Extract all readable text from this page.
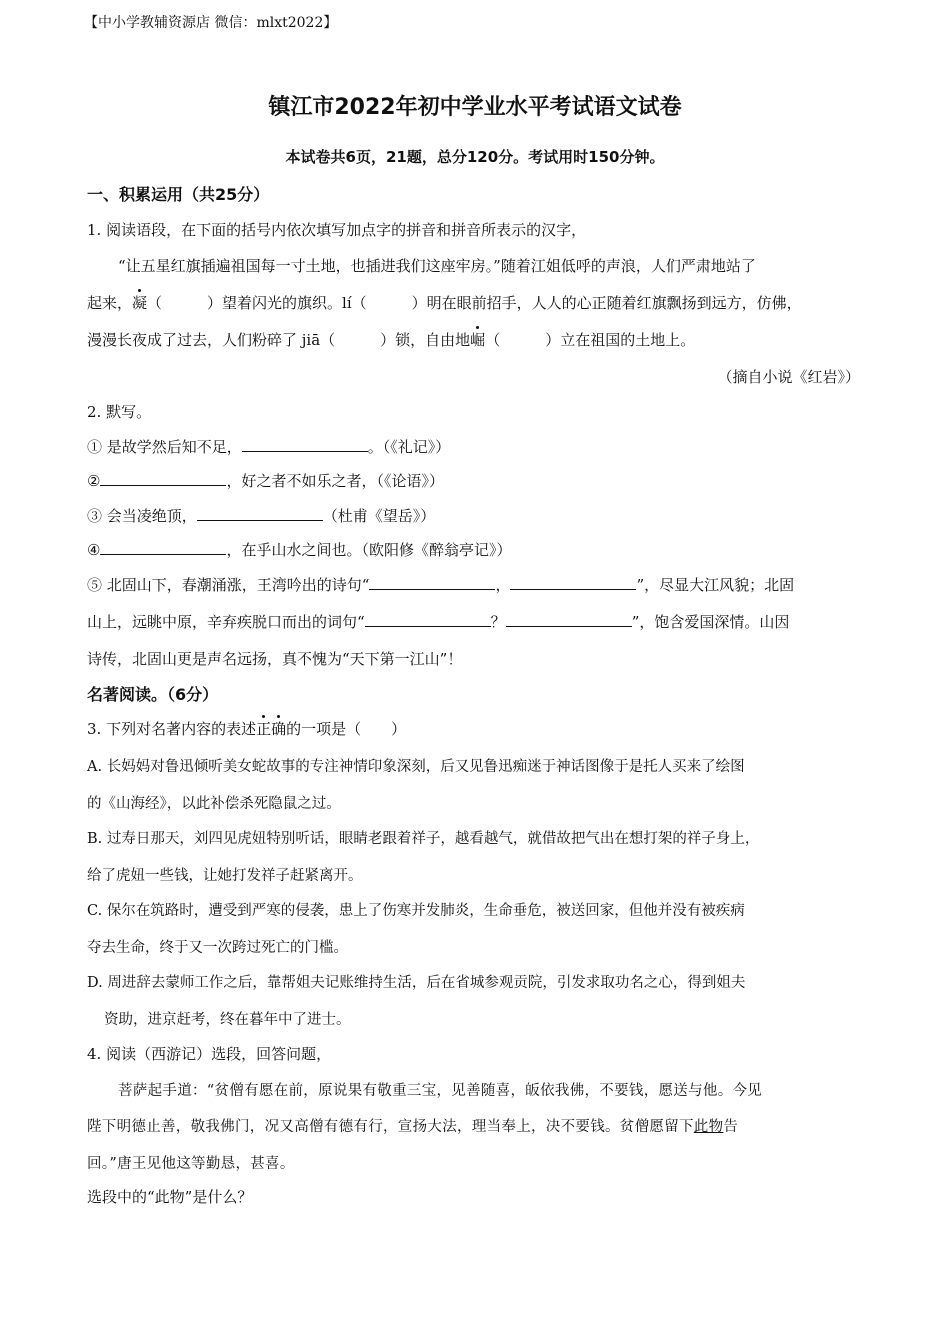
【中小学教辅资源店 微信：mlxt2022】
镇江市2022年初中学业水平考试语文试卷
本试卷共6页，21题，总分120分。考试用时150分钟。
一、积累运用（共25分）
1. 阅读语段，在下面的括号内依次填写加点字的拼音和拼音所表示的汉字，
“让五星红旗插遍祖国每一寸土地，也插进我们这座牢房。”随着江姐低呼的声浪，人们严肃地站了
起来，凝（　　　）望着闪光的旗织。lí（　　　）明在眼前招手，人人的心正随着红旗飘扬到远方，仿佛，
漫漫长夜成了过去，人们粉碎了 jiā（　　　）锁，自由地崛（　　　）立在祖国的土地上。
（摘自小说《红岩》）
2. 默写。
① 是故学然后知不足，	。（《礼记》）
②	，好之者不如乐之者，（《论语》）
③ 会当凌绝顶，	（杜甫《望岳》）
④	，在乎山水之间也。（欧阳修《醉翁亭记》）
⑤ 北固山下，春潮涌涨，王湾吟出的诗句“	，	”，尽显大江风貌；北固
山上，远眺中原，辛弃疾脱口而出的词句“	？	”，饱含爱国深情。山因
诗传，北固山更是声名远扬，真不愧为“天下第一江山”！
名著阅读。（6分）
3. 下列对名著内容的表述正确的一项是（　　）
A. 长妈妈对鲁迅倾听美女蛇故事的专注神情印象深刻，后又见鲁迅痴迷于神话图像于是托人买来了绘图
的《山海经》，以此补偿杀死隐鼠之过。
B. 过寿日那天，刘四见虎妞特别听话，眼睛老跟着祥子，越看越气，就借故把气出在想打架的祥子身上，
给了虎妞一些钱，让她打发祥子赶紧离开。
C. 保尔在筑路时，遭受到严寒的侵袭，患上了伤寒并发肺炎，生命垂危，被送回家，但他并没有被疾病
夺去生命，终于又一次跨过死亡的门槛。
D. 周进辞去蒙师工作之后，靠帮姐夫记账维持生活，后在省城参观贡院，引发求取功名之心，得到姐夫
资助，进京赶考，终在暮年中了进士。
4. 阅读（西游记）选段，回答问题，
菩萨起手道：“贫僧有愿在前，原说果有敬重三宝，见善随喜，皈依我佛，不要钱，愿送与他。今见
陛下明德止善，敬我佛门，况又高僧有德有行，宣扬大法，理当奉上，决不要钱。贫僧愿留下此物告
回。”唐王见他这等勤恳，甚喜。
选段中的“此物”是什么？
